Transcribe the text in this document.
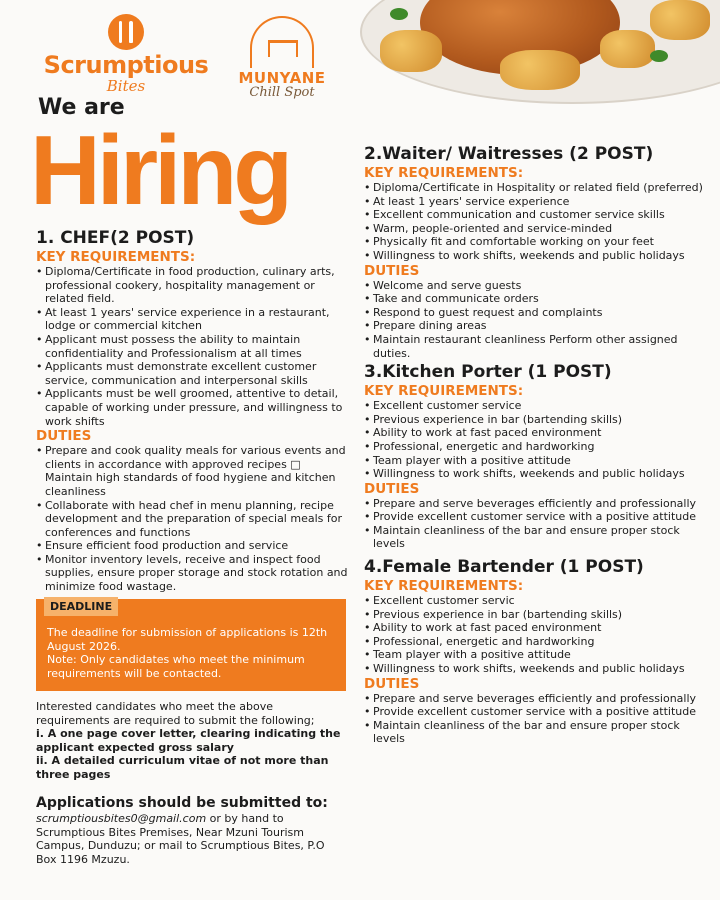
Scrumptious
Bites	MUNYANE
Chill Spot
We are
Hiring
1. CHEF(2 POST)
KEY REQUIREMENTS:
• Diploma/Certificate in food production, culinary arts, professional cookery, hospitality management or related field.
• At least 1 years' service experience in a restaurant, lodge or commercial kitchen
• Applicant must possess the ability to maintain confidentiality and Professionalism at all times
• Applicants must demonstrate excellent customer service, communication and interpersonal skills
• Applicants must be well groomed, attentive to detail, capable of working under pressure, and willingness to work shifts
DUTIES
• Prepare and cook quality meals for various events and clients in accordance with approved recipes □ Maintain high standards of food hygiene and kitchen cleanliness
• Collaborate with head chef in menu planning, recipe development and the preparation of special meals for conferences and functions
• Ensure efficient food production and service
• Monitor inventory levels, receive and inspect food supplies, ensure proper storage and stock rotation and minimize food wastage.
DEADLINE
The deadline for submission of applications is 12th August 2026.
Note: Only candidates who meet the minimum requirements will be contacted.
Interested candidates who meet the above requirements are required to submit the following;
i. A one page cover letter, clearing indicating the applicant expected gross salary
ii. A detailed curriculum vitae of not more than three pages
Applications should be submitted to:
scrumptiousbites0@gmail.com or by hand to Scrumptious Bites Premises, Near Mzuni Tourism Campus, Dunduzu; or mail to Scrumptious Bites, P.O Box 1196 Mzuzu.
2.Waiter/ Waitresses (2 POST)
KEY REQUIREMENTS:
• Diploma/Certificate in Hospitality or related field (preferred)
• At least 1 years' service experience
• Excellent communication and customer service skills
• Warm, people-oriented and service-minded
• Physically fit and comfortable working on your feet
• Willingness to work shifts, weekends and public holidays
DUTIES
• Welcome and serve guests
• Take and communicate orders
• Respond to guest request and complaints
• Prepare dining areas
• Maintain restaurant cleanliness Perform other assigned duties.
3.Kitchen Porter (1 POST)
KEY REQUIREMENTS:
• Excellent customer service
• Previous experience in bar (bartending skills)
• Ability to work at fast paced environment
• Professional, energetic and hardworking
• Team player with a positive attitude
• Willingness to work shifts, weekends and public holidays
DUTIES
• Prepare and serve beverages efficiently and professionally
• Provide excellent customer service with a positive attitude
• Maintain cleanliness of the bar and ensure proper stock levels
4.Female Bartender (1 POST)
KEY REQUIREMENTS:
• Excellent customer servic
• Previous experience in bar (bartending skills)
• Ability to work at fast paced environment
• Professional, energetic and hardworking
• Team player with a positive attitude
• Willingness to work shifts, weekends and public holidays
DUTIES
• Prepare and serve beverages efficiently and professionally
• Provide excellent customer service with a positive attitude
• Maintain cleanliness of the bar and ensure proper stock levels
